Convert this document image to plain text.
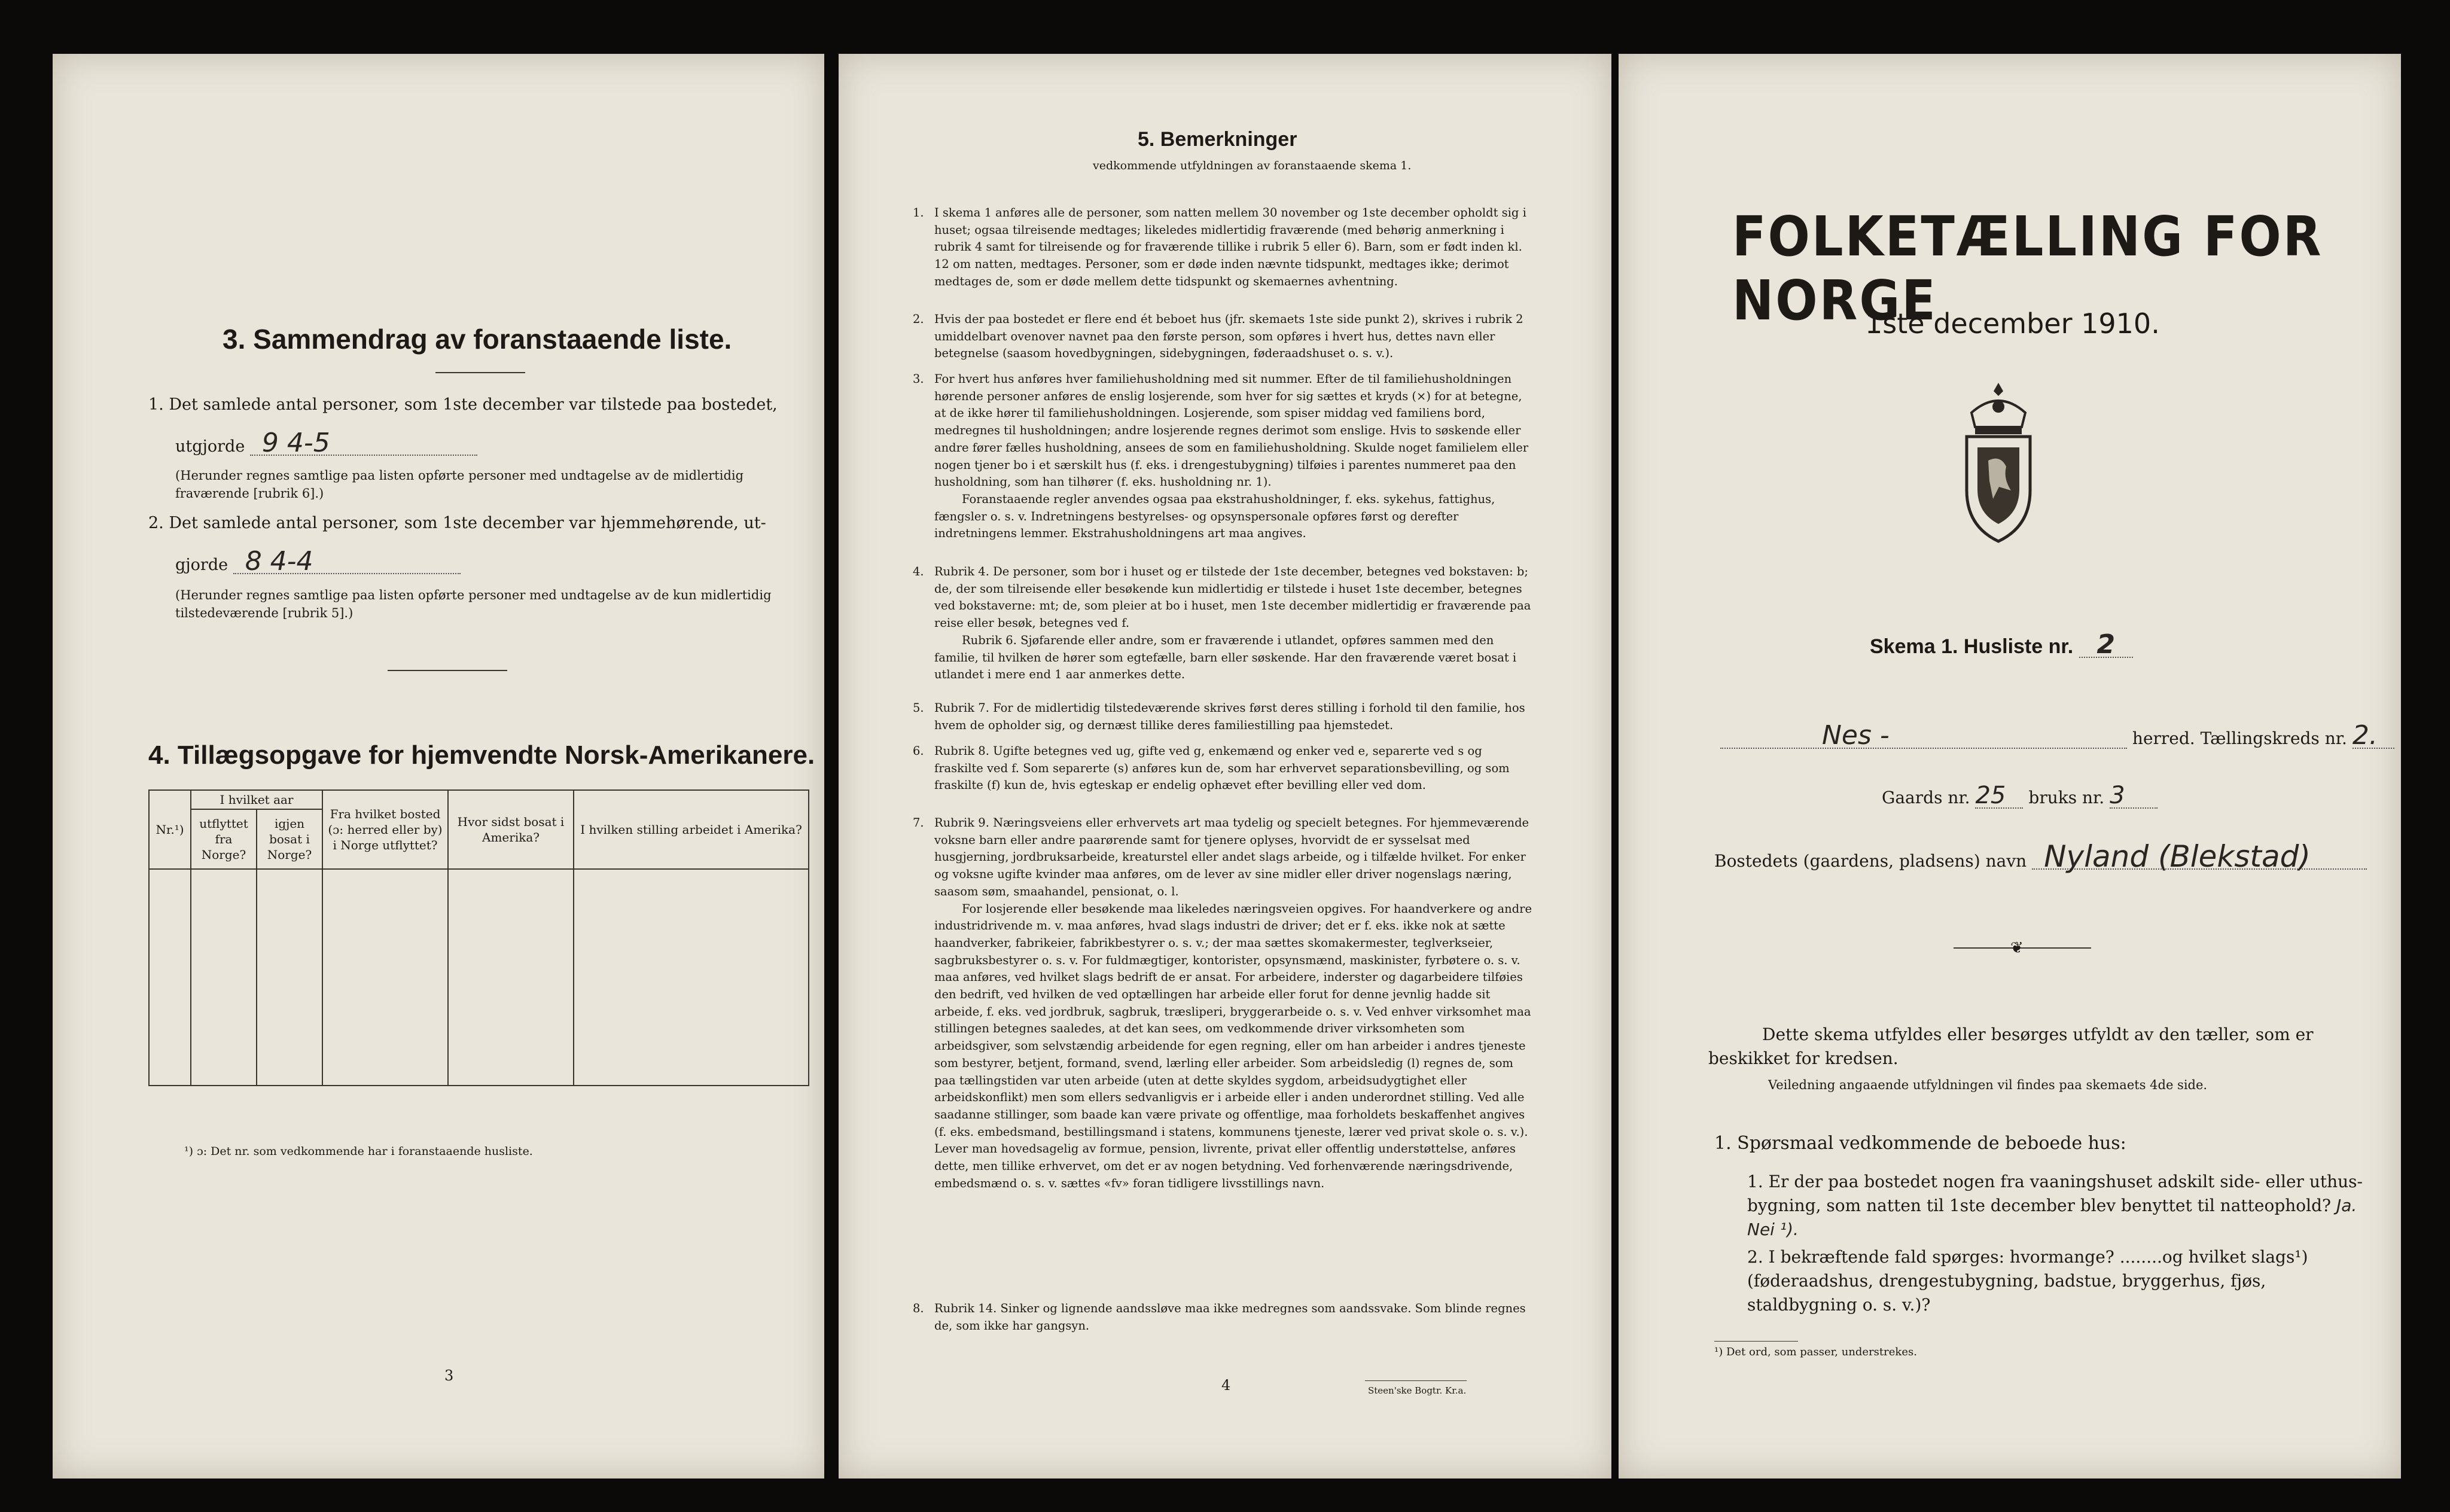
3. Sammendrag av foranstaaende liste.
1. Det samlede antal personer, som 1ste december var tilstede paa bostedet,
utgjorde 9 4-5
(Herunder regnes samtlige paa listen opførte personer med undtagelse av de midlertidig fraværende [rubrik 6].)
2. Det samlede antal personer, som 1ste december var hjemmehørende, ut-
gjorde 8 4-4
(Herunder regnes samtlige paa listen opførte personer med undtagelse av de kun midlertidig tilstedeværende [rubrik 5].)
4. Tillægsopgave for hjemvendte Norsk-Amerikanere.
Nr.¹)	I hvilket aar		Fra hvilket bosted (ɔ: herred eller by) i Norge utflyttet?	Hvor sidst bosat i Amerika?	I hvilken stilling arbeidet i Amerika?
	utflyttet fra Norge?	igjen bosat i Norge?			

¹) ɔ: Det nr. som vedkommende har i foranstaaende husliste.
3
5. Bemerkninger
vedkommende utfyldningen av foranstaaende skema 1.
1. I skema 1 anføres alle de personer, som natten mellem 30 november og 1ste december opholdt sig i huset; ogsaa tilreisende medtages; likeledes midlertidig fraværende (med behørig anmerkning i rubrik 4 samt for tilreisende og for fraværende tillike i rubrik 5 eller 6). Barn, som er født inden kl. 12 om natten, medtages. Personer, som er døde inden nævnte tidspunkt, medtages ikke; derimot medtages de, som er døde mellem dette tidspunkt og skemaernes avhentning.
2. Hvis der paa bostedet er flere end ét beboet hus (jfr. skemaets 1ste side punkt 2), skrives i rubrik 2 umiddelbart ovenover navnet paa den første person, som opføres i hvert hus, dettes navn eller betegnelse (saasom hovedbygningen, sidebygningen, føderaadshuset o. s. v.).
3. For hvert hus anføres hver familiehusholdning med sit nummer. Efter de til familiehusholdningen hørende personer anføres de enslig losjerende, som hver for sig sættes et kryds (×) for at betegne, at de ikke hører til familiehusholdningen. Losjerende, som spiser middag ved familiens bord, medregnes til husholdningen; andre losjerende regnes derimot som enslige. Hvis to søskende eller andre fører fælles husholdning, ansees de som en familiehusholdning. Skulde noget familielem eller nogen tjener bo i et særskilt hus (f. eks. i drengestubygning) tilføies i parentes nummeret paa den husholdning, som han tilhører (f. eks. husholdning nr. 1).
Foranstaaende regler anvendes ogsaa paa ekstrahusholdninger, f. eks. sykehus, fattighus, fængsler o. s. v. Indretningens bestyrelses- og opsynspersonale opføres først og derefter indretningens lemmer. Ekstrahusholdningens art maa angives.
4. Rubrik 4. De personer, som bor i huset og er tilstede der 1ste december, betegnes ved bokstaven: b; de, der som tilreisende eller besøkende kun midlertidig er tilstede i huset 1ste december, betegnes ved bokstaverne: mt; de, som pleier at bo i huset, men 1ste december midlertidig er fraværende paa reise eller besøk, betegnes ved f.
Rubrik 6. Sjøfarende eller andre, som er fraværende i utlandet, opføres sammen med den familie, til hvilken de hører som egtefælle, barn eller søskende. Har den fraværende været bosat i utlandet i mere end 1 aar anmerkes dette.
5. Rubrik 7. For de midlertidig tilstedeværende skrives først deres stilling i forhold til den familie, hos hvem de opholder sig, og dernæst tillike deres familiestilling paa hjemstedet.
6. Rubrik 8. Ugifte betegnes ved ug, gifte ved g, enkemænd og enker ved e, separerte ved s og fraskilte ved f. Som separerte (s) anføres kun de, som har erhvervet separationsbevilling, og som fraskilte (f) kun de, hvis egteskap er endelig ophævet efter bevilling eller ved dom.
7. Rubrik 9. Næringsveiens eller erhvervets art maa tydelig og specielt betegnes. For hjemmeværende voksne barn eller andre paarørende samt for tjenere oplyses, hvorvidt de er sysselsat med husgjerning, jordbruksarbeide, kreaturstel eller andet slags arbeide, og i tilfælde hvilket. For enker og voksne ugifte kvinder maa anføres, om de lever av sine midler eller driver nogenslags næring, saasom søm, smaahandel, pensionat, o. l.
For losjerende eller besøkende maa likeledes næringsveien opgives. For haandverkere og andre industridrivende m. v. maa anføres, hvad slags industri de driver; det er f. eks. ikke nok at sætte haandverker, fabrikeier, fabrikbestyrer o. s. v.; der maa sættes skomakermester, teglverkseier, sagbruksbestyrer o. s. v. For fuldmægtiger, kontorister, opsynsmænd, maskinister, fyrbøtere o. s. v. maa anføres, ved hvilket slags bedrift de er ansat. For arbeidere, inderster og dagarbeidere tilføies den bedrift, ved hvilken de ved optællingen har arbeide eller forut for denne jevnlig hadde sit arbeide, f. eks. ved jordbruk, sagbruk, træsliperi, bryggerarbeide o. s. v. Ved enhver virksomhet maa stillingen betegnes saaledes, at det kan sees, om vedkommende driver virksomheten som arbeidsgiver, som selvstændig arbeidende for egen regning, eller om han arbeider i andres tjeneste som bestyrer, betjent, formand, svend, lærling eller arbeider. Som arbeidsledig (l) regnes de, som paa tællingstiden var uten arbeide (uten at dette skyldes sygdom, arbeidsudygtighet eller arbeidskonflikt) men som ellers sedvanligvis er i arbeide eller i anden underordnet stilling. Ved alle saadanne stillinger, som baade kan være private og offentlige, maa forholdets beskaffenhet angives (f. eks. embedsmand, bestillingsmand i statens, kommunens tjeneste, lærer ved privat skole o. s. v.). Lever man hovedsagelig av formue, pension, livrente, privat eller offentlig understøttelse, anføres dette, men tillike erhvervet, om det er av nogen betydning. Ved forhenværende næringsdrivende, embedsmænd o. s. v. sættes «fv» foran tidligere livsstillings navn.
8. Rubrik 14. Sinker og lignende aandssløve maa ikke medregnes som aandssvake. Som blinde regnes de, som ikke har gangsyn.
4	Steen'ske Bogtr. Kr.a.
FOLKETÆLLING FOR NORGE
1ste december 1910.
Skema 1. Husliste nr. 2
Nes -	herred. Tællingskreds nr. 2.
Gaards nr. 25 bruks nr. 3
Bostedets (gaardens, pladsens) navn Nyland (Blekstad)
❦
Dette skema utfyldes eller besørges utfyldt av den tæller, som er beskikket for kredsen.
Veiledning angaaende utfyldningen vil findes paa skemaets 4de side.
1. Spørsmaal vedkommende de beboede hus:
1. Er der paa bostedet nogen fra vaaningshuset adskilt side- eller uthus-bygning, som natten til 1ste december blev benyttet til natteophold? Ja. Nei ¹).
2. I bekræftende fald spørges: hvormange? ........og hvilket slags¹) (føderaadshus, drengestubygning, badstue, bryggerhus, fjøs, staldbygning o. s. v.)?
¹) Det ord, som passer, understrekes.
